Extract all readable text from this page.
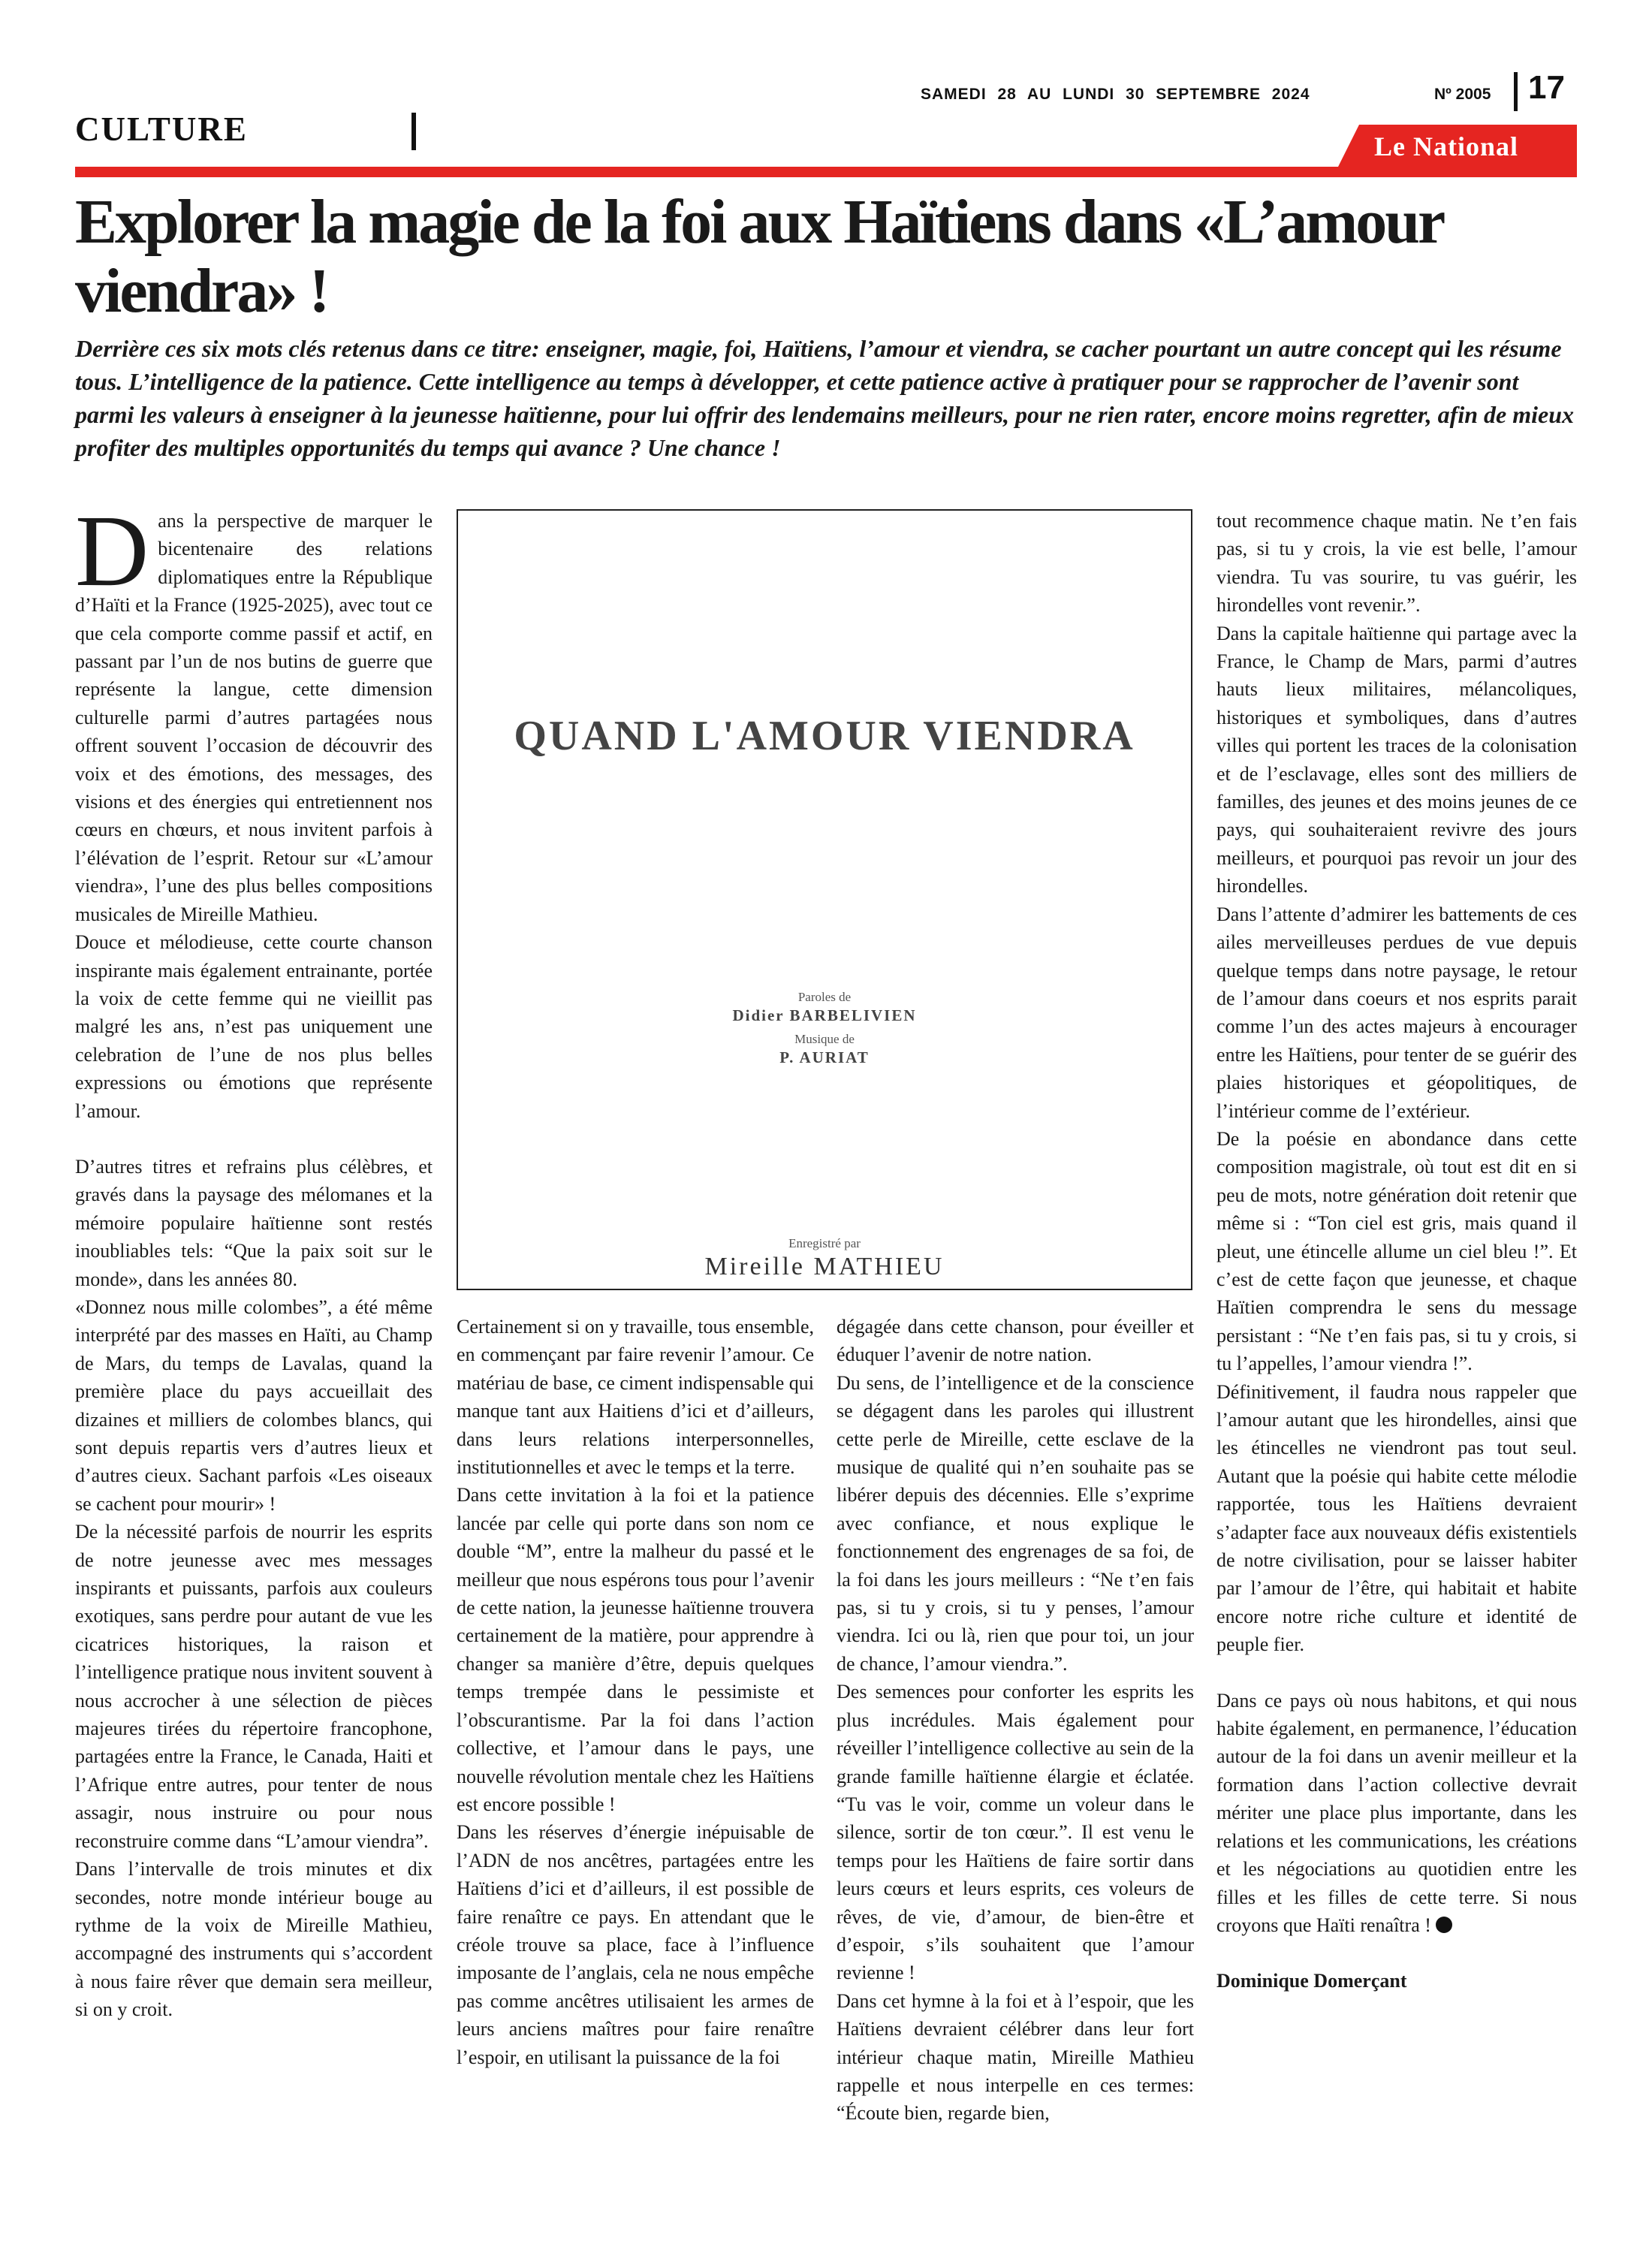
CULTURE
SAMEDI 28 AU LUNDI 30 SEPTEMBRE 2024	Nº 2005 17
Le National
Explorer la magie de la foi aux Haïtiens dans «L’amour viendra» !

Derrière ces six mots clés retenus dans ce titre: enseigner, magie, foi, Haïtiens, l’amour et viendra, se cacher pourtant un autre concept qui les résume tous. L’intelligence de la patience. Cette intelligence au temps à développer, et cette patience active à pratiquer pour se rapprocher de l’avenir sont parmi les valeurs à enseigner à la jeunesse haïtienne, pour lui offrir des lendemains meilleurs, pour ne rien rater, encore moins regretter, afin de mieux profiter des multiples opportunités du temps qui avance ? Une chance !

Dans la perspective de marquer le bicentenaire des relations diplomatiques entre la République d’Haïti et la France (1925-2025), avec tout ce que cela comporte comme passif et actif, en passant par l’un de nos butins de guerre que représente la langue, cette dimension culturelle parmi d’autres partagées nous offrent souvent l’occasion de découvrir des voix et des émotions, des messages, des visions et des énergies qui entretiennent nos cœurs en chœurs, et nous invitent parfois à l’élévation de l’esprit. Retour sur «L’amour viendra», l’une des plus belles compositions musicales de Mireille Mathieu.

Douce et mélodieuse, cette courte chanson inspirante mais également entrainante, portée la voix de cette femme qui ne vieillit pas malgré les ans, n’est pas uniquement une celebration de l’une de nos plus belles expressions ou émotions que représente l’amour.

D’autres titres et refrains plus célèbres, et gravés dans la paysage des mélomanes et la mémoire populaire haïtienne sont restés inoubliables tels: “Que la paix soit sur le monde», dans les années 80.

«Donnez nous mille colombes”, a été même interprété par des masses en Haïti, au Champ de Mars, du temps de Lavalas, quand la première place du pays accueillait des dizaines et milliers de colombes blancs, qui sont depuis repartis vers d’autres lieux et d’autres cieux. Sachant parfois «Les oiseaux se cachent pour mourir» !

De la nécessité parfois de nourrir les esprits de notre jeunesse avec mes messages inspirants et puissants, parfois aux couleurs exotiques, sans perdre pour autant de vue les cicatrices historiques, la raison et l’intelligence pratique nous invitent souvent à nous accrocher à une sélection de pièces majeures tirées du répertoire francophone, partagées entre la France, le Canada, Haiti et l’Afrique entre autres, pour tenter de nous assagir, nous instruire ou pour nous reconstruire comme dans “L’amour viendra”.

Dans l’intervalle de trois minutes et dix secondes, notre monde intérieur bouge au rythme de la voix de Mireille Mathieu, accompagné des instruments qui s’accordent à nous faire rêver que demain sera meilleur, si on y croit.

QUAND L'AMOUR VIENDRA
Paroles de
Didier BARBELIVIEN
Musique de
P. AURIAT
Enregistré par
Mireille MATHIEU

Certainement si on y travaille, tous ensemble, en commençant par faire revenir l’amour. Ce matériau de base, ce ciment indispensable qui manque tant aux Haitiens d’ici et d’ailleurs, dans leurs relations interpersonnelles, institutionnelles et avec le temps et la terre.

Dans cette invitation à la foi et la patience lancée par celle qui porte dans son nom ce double “M”, entre la malheur du passé et le meilleur que nous espérons tous pour l’avenir de cette nation, la jeunesse haïtienne trouvera certainement de la matière, pour apprendre à changer sa manière d’être, depuis quelques temps trempée dans le pessimiste et l’obscurantisme. Par la foi dans l’action collective, et l’amour dans le pays, une nouvelle révolution mentale chez les Haïtiens est encore possible !

Dans les réserves d’énergie inépuisable de l’ADN de nos ancêtres, partagées entre les Haïtiens d’ici et d’ailleurs, il est possible de faire renaître ce pays. En attendant que le créole trouve sa place, face à l’influence imposante de l’anglais, cela ne nous empêche pas comme ancêtres utilisaient les armes de leurs anciens maîtres pour faire renaître l’espoir, en utilisant la puissance de la foi

dégagée dans cette chanson, pour éveiller et éduquer l’avenir de notre nation.

Du sens, de l’intelligence et de la conscience se dégagent dans les paroles qui illustrent cette perle de Mireille, cette esclave de la musique de qualité qui n’en souhaite pas se libérer depuis des décennies. Elle s’exprime avec confiance, et nous explique le fonctionnement des engrenages de sa foi, de la foi dans les jours meilleurs : “Ne t’en fais pas, si tu y crois, si tu y penses, l’amour viendra. Ici ou là, rien que pour toi, un jour de chance, l’amour viendra.”.

Des semences pour conforter les esprits les plus incrédules. Mais également pour réveiller l’intelligence collective au sein de la grande famille haïtienne élargie et éclatée. “Tu vas le voir, comme un voleur dans le silence, sortir de ton cœur.”. Il est venu le temps pour les Haïtiens de faire sortir dans leurs cœurs et leurs esprits, ces voleurs de rêves, de vie, d’amour, de bien-être et d’espoir, s’ils souhaitent que l’amour revienne !

Dans cet hymne à la foi et à l’espoir, que les Haïtiens devraient célébrer dans leur fort intérieur chaque matin, Mireille Mathieu rappelle et nous interpelle en ces termes: “Écoute bien, regarde bien,

tout recommence chaque matin. Ne t’en fais pas, si tu y crois, la vie est belle, l’amour viendra. Tu vas sourire, tu vas guérir, les hirondelles vont revenir.”.

Dans la capitale haïtienne qui partage avec la France, le Champ de Mars, parmi d’autres hauts lieux militaires, mélancoliques, historiques et symboliques, dans d’autres villes qui portent les traces de la colonisation et de l’esclavage, elles sont des milliers de familles, des jeunes et des moins jeunes de ce pays, qui souhaiteraient revivre des jours meilleurs, et pourquoi pas revoir un jour des hirondelles.

Dans l’attente d’admirer les battements de ces ailes merveilleuses perdues de vue depuis quelque temps dans notre paysage, le retour de l’amour dans coeurs et nos esprits parait comme l’un des actes majeurs à encourager entre les Haïtiens, pour tenter de se guérir des plaies historiques et géopolitiques, de l’intérieur comme de l’extérieur.

De la poésie en abondance dans cette composition magistrale, où tout est dit en si peu de mots, notre génération doit retenir que même si : “Ton ciel est gris, mais quand il pleut, une étincelle allume un ciel bleu !”. Et c’est de cette façon que jeunesse, et chaque Haïtien comprendra le sens du message persistant : “Ne t’en fais pas, si tu y crois, si tu l’appelles, l’amour viendra !”.

Définitivement, il faudra nous rappeler que l’amour autant que les hirondelles, ainsi que les étincelles ne viendront pas tout seul. Autant que la poésie qui habite cette mélodie rapportée, tous les Haïtiens devraient s’adapter face aux nouveaux défis existentiels de notre civilisation, pour se laisser habiter par l’amour de l’être, qui habitait et habite encore notre riche culture et identité de peuple fier.

Dans ce pays où nous habitons, et qui nous habite également, en permanence, l’éducation autour de la foi dans un avenir meilleur et la formation dans l’action collective devrait mériter une place plus importante, dans les relations et les communications, les créations et les négociations au quotidien entre les filles et les filles de cette terre. Si nous croyons que Haïti renaîtra !

Dominique Domerçant
